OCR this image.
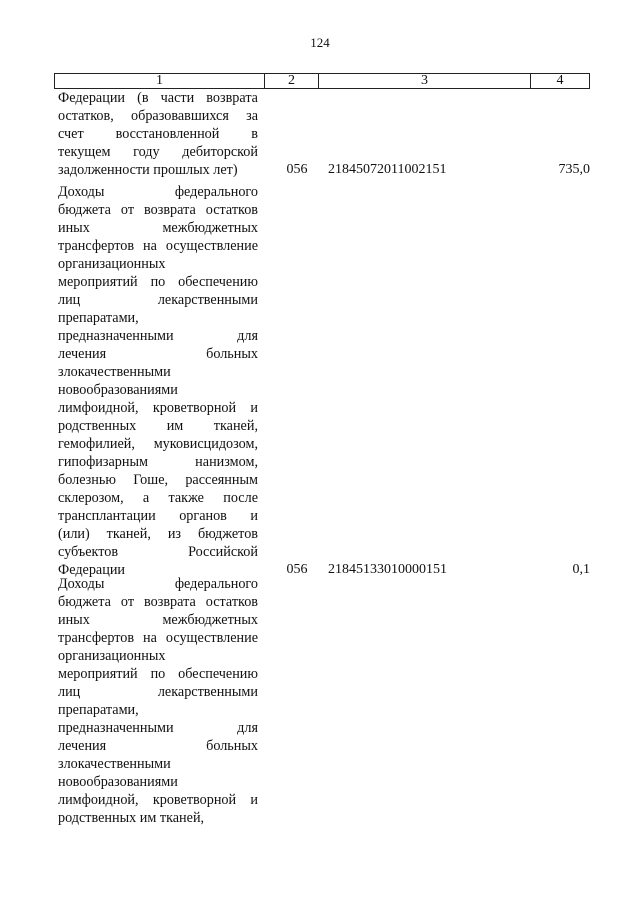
124
1	2	3	4
Федерации (в части возврата
остатков, образовавшихся за
счет восстановленной в
текущем году дебиторской
задолженности прошлых лет)	056	21845072011002151	735,0
Доходы федерального
бюджета от возврата остатков
иных межбюджетных
трансфертов на осуществление
организационных
мероприятий по обеспечению
лиц лекарственными
препаратами,
предназначенными для
лечения больных
злокачественными
новообразованиями
лимфоидной, кроветворной и
родственных им тканей,
гемофилией, муковисцидозом,
гипофизарным нанизмом,
болезнью Гоше, рассеянным
склерозом, а также после
трансплантации органов и
(или) тканей, из бюджетов
субъектов Российской
Федерации	056	21845133010000151	0,1
Доходы федерального
бюджета от возврата остатков
иных межбюджетных
трансфертов на осуществление
организационных
мероприятий по обеспечению
лиц лекарственными
препаратами,
предназначенными для
лечения больных
злокачественными
новообразованиями
лимфоидной, кроветворной и
родственных им тканей,
